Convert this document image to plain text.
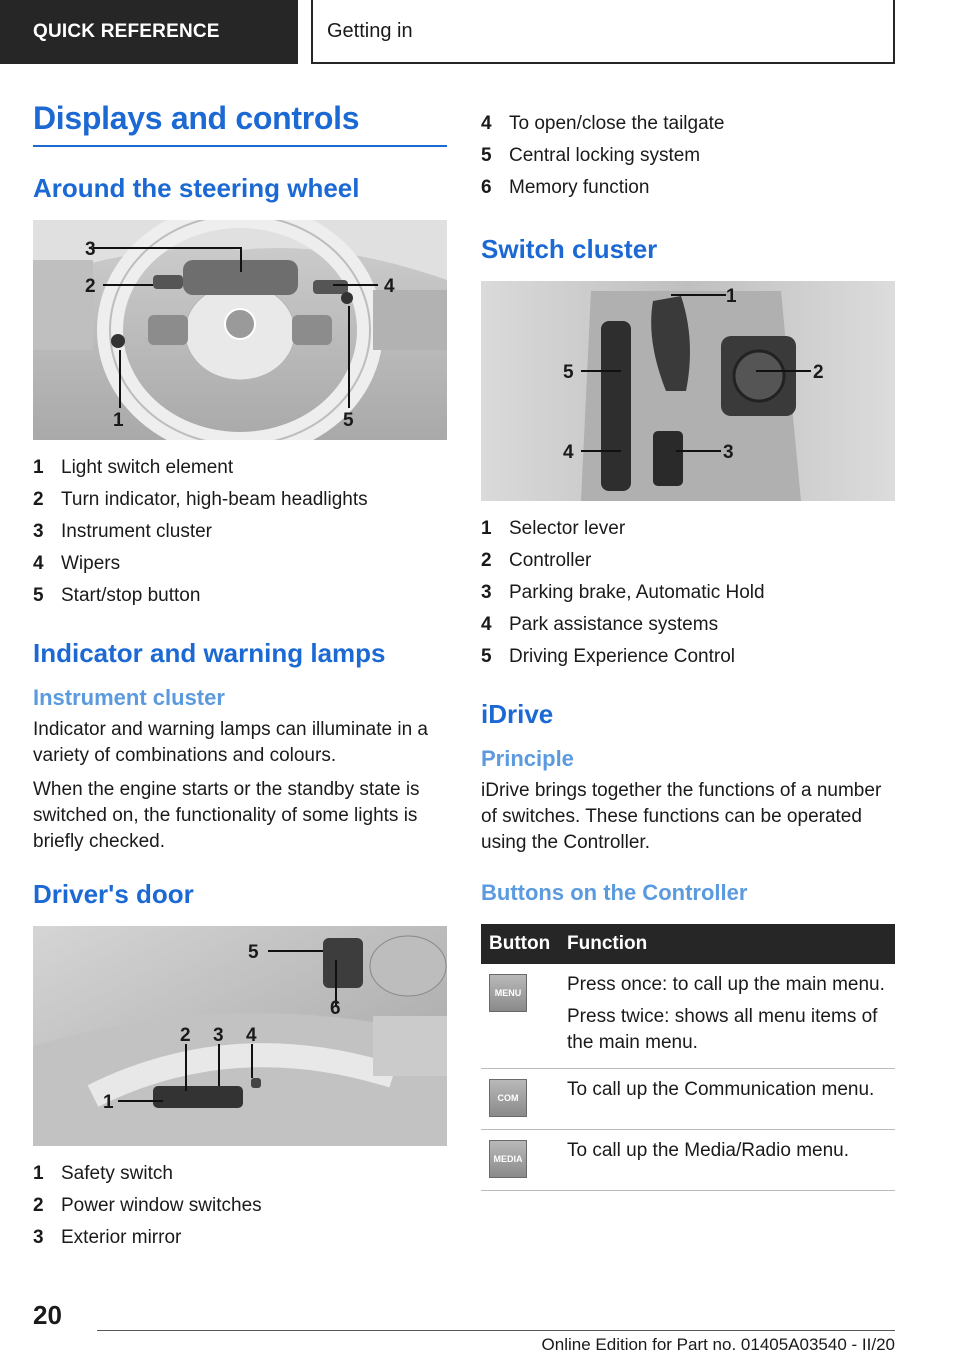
QUICK REFERENCE	Getting in
Displays and controls
Around the steering wheel
3
2	4
1	5
1 Light switch element
2 Turn indicator, high-beam headlights
3 Instrument cluster
4 Wipers
5 Start/stop button
Indicator and warning lamps
Instrument cluster

Indicator and warning lamps can illuminate in a variety of combinations and colours.

When the engine starts or the standby state is switched on, the functionality of some lights is briefly checked.

Driver's door
5
6
2 3 4
1
1 Safety switch
2 Power window switches
3 Exterior mirror
4 To open/close the tailgate
5 Central locking system
6 Memory function
Switch cluster
1
2
3
4
5
1 Selector lever
2 Controller
3 Parking brake, Automatic Hold
4 Park assistance systems
5 Driving Experience Control
iDrive
Principle

iDrive brings together the functions of a number of switches. These functions can be operated using the Controller.

Buttons on the Controller
Button	Function

MENU	Press once: to call up the main menu.

Press twice: shows all menu items of the main menu.

COM	To call up the Communication menu.

MEDIA	To call up the Media/Radio menu.

20
Online Edition for Part no. 01405A03540 - II/20
